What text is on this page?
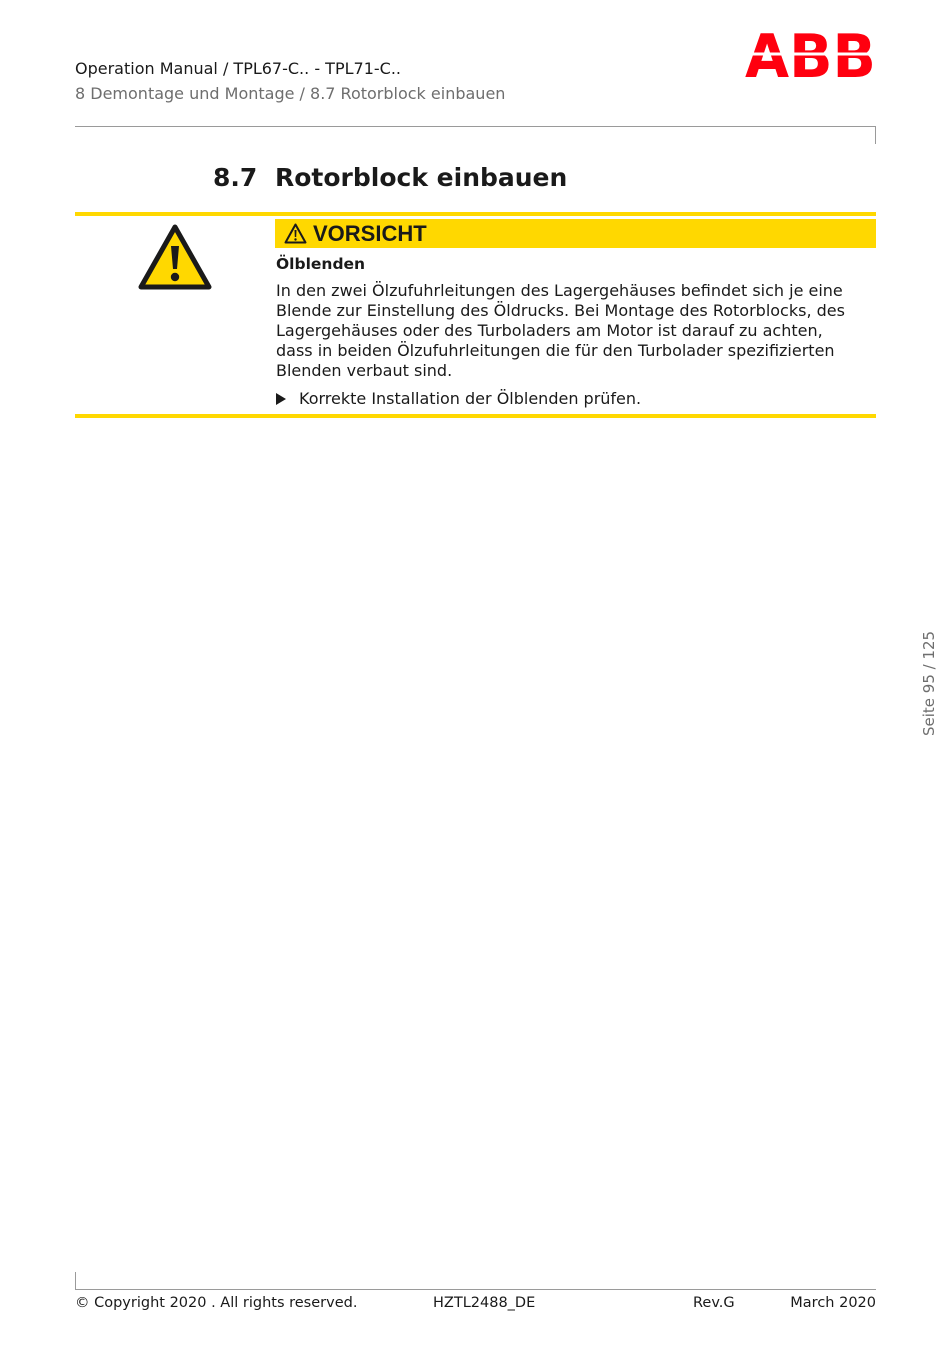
Operation Manual / TPL67-C.. - TPL71-C..
8 Demontage und Montage / 8.7 Rotorblock einbauen
8.7 Rotorblock einbauen
VORSICHT
Ölblenden

In den zwei Ölzufuhrleitungen des Lagergehäuses befindet sich je eine
Blende zur Einstellung des Öldrucks. Bei Montage des Rotorblocks, des
Lagergehäuses oder des Turboladers am Motor ist darauf zu achten,
dass in beiden Ölzufuhrleitungen die für den Turbolader spezifizierten
Blenden verbaut sind.

Korrekte Installation der Ölblenden prüfen.
Seite 95 / 125
© Copyright 2020 . All rights reserved.	HZTL2488_DE	Rev.G	March 2020
